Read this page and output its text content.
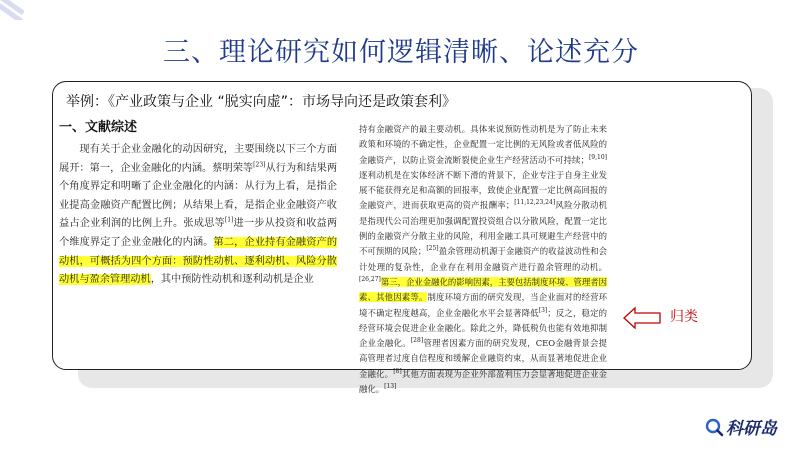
三、理论研究如何逻辑清晰、论述充分
举例：《产业政策与企业 “脱实向虚”：市场导向还是政策套利》
一、文献综述

现有关于企业金融化的动因研究，主要围绕以下三个方面展开：第一，企业金融化的内涵。蔡明荣等[23]从行为和结果两个角度界定和明晰了企业金融化的内涵：从行为上看，是指企业提高金融资产配置比例；从结果上看，是指企业金融资产收益占企业利润的比例上升。张成思等[1]进一步从投资和收益两个维度界定了企业金融化的内涵。第二，企业持有金融资产的动机，可概括为四个方面：预防性动机、逐利动机、风险分散动机与盈余管理动机，其中预防性动机和逐利动机是企业

持有金融资产的最主要动机。具体来说预防性动机是为了防止未来政策和环境的不确定性，企业配置一定比例的无风险或者低风险的金融资产，以防止资金流断裂使企业生产经营活动不可持续；[9,10]逐利动机是在实体经济不断下滑的背景下，企业专注于自身主业发展不能获得充足和高额的回报率，致使企业配置一定比例高回报的金融资产，进而获取更高的资产报酬率；[11,12,23,24]风险分散动机是指现代公司治理更加强调配置投资组合以分散风险，配置一定比例的金融资产分散主业的风险，利用金融工具可规避生产经营中的不可预期的风险；[25]盈余管理动机源于金融资产的收益波动性和会计处理的复杂性，企业存在利用金融资产进行盈余管理的动机。[26,27]第三，企业金融化的影响因素，主要包括制度环境、管理者因素、其他因素等。制度环境方面的研究发现，当企业面对的经营环境不确定程度越高，企业金融化水平会显著降低[3]；反之，稳定的经营环境会促进企业金融化。除此之外，降低税负也能有效地抑制企业金融化。[28]管理者因素方面的研究发现，CEO金融背景会提高管理者过度自信程度和缓解企业融资约束，从而显著地促进企业金融化。[8]其他方面表现为企业外部盈利压力会显著地促进企业金融化。[13]

归类
科研岛
